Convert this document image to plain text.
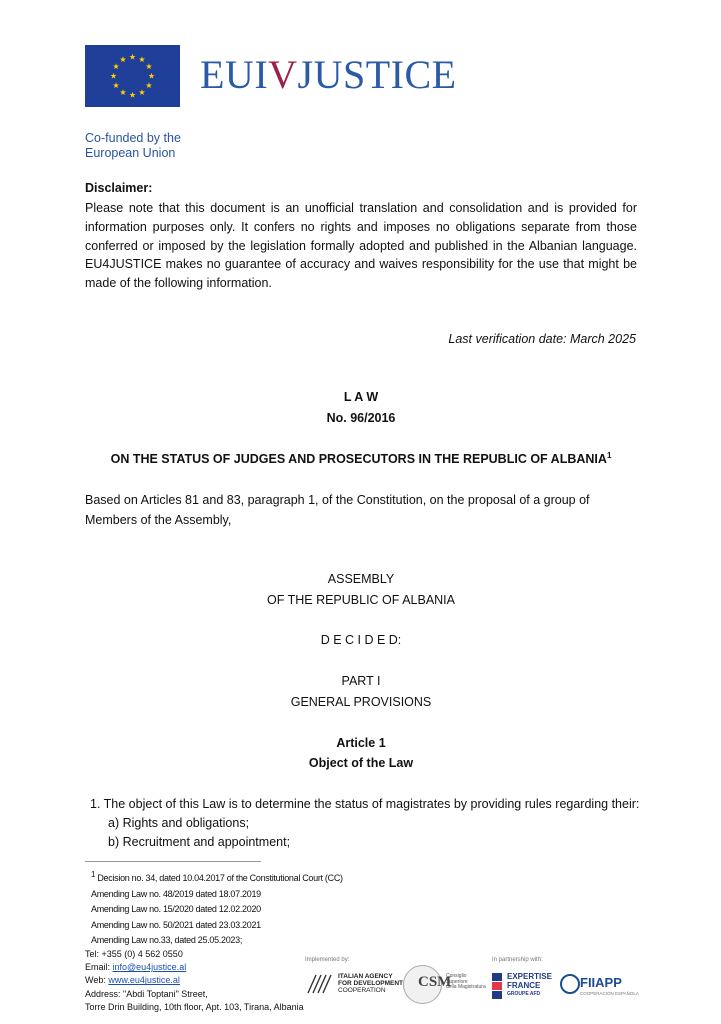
EUIVJUSTICE
Co-funded by the
European Union
Disclaimer:
Please note that this document is an unofficial translation and consolidation and is provided for information purposes only. It confers no rights and imposes no obligations separate from those conferred or imposed by the legislation formally adopted and published in the Albanian language. EU4JUSTICE makes no guarantee of accuracy and waives responsibility for the use that might be made of the following information.
Last verification date: March 2025
L A W
No. 96/2016
ON THE STATUS OF JUDGES AND PROSECUTORS IN THE REPUBLIC OF ALBANIA$^1$
Based on Articles 81 and 83, paragraph 1, of the Constitution, on the proposal of a group of Members of the Assembly,
ASSEMBLY
OF THE REPUBLIC OF ALBANIA
D E C I D E D:
PART I
GENERAL PROVISIONS
Article 1
Object of the Law
1. The object of this Law is to determine the status of magistrates by providing rules regarding their:
a) Rights and obligations;
b) Recruitment and appointment;
$^1$ Decision no. 34, dated 10.04.2017 of the Constitutional Court (CC)
Amending Law no. 48/2019 dated 18.07.2019
Amending Law no. 15/2020 dated 12.02.2020
Amending Law no. 50/2021 dated 23.03.2021
Amending Law no.33, dated 25.05.2023;
Tel: +355 (0) 4 562 0550
Email: info@eu4justice.al
Web: www.eu4justice.al
Address: "Abdi Toptani" Street,
Torre Drin Building, 10th floor, Apt. 103, Tirana, Albania
Implemented by:	In partnership with:
ITALIAN AGENCY
FOR DEVELOPMENT
COOPERATION
CSM
Consiglio
Superiore
della Magistratura
EXPERTISE
FRANCE
GROUPE AFD
FIIAPP
COOPERACIÓN ESPAÑOLA
